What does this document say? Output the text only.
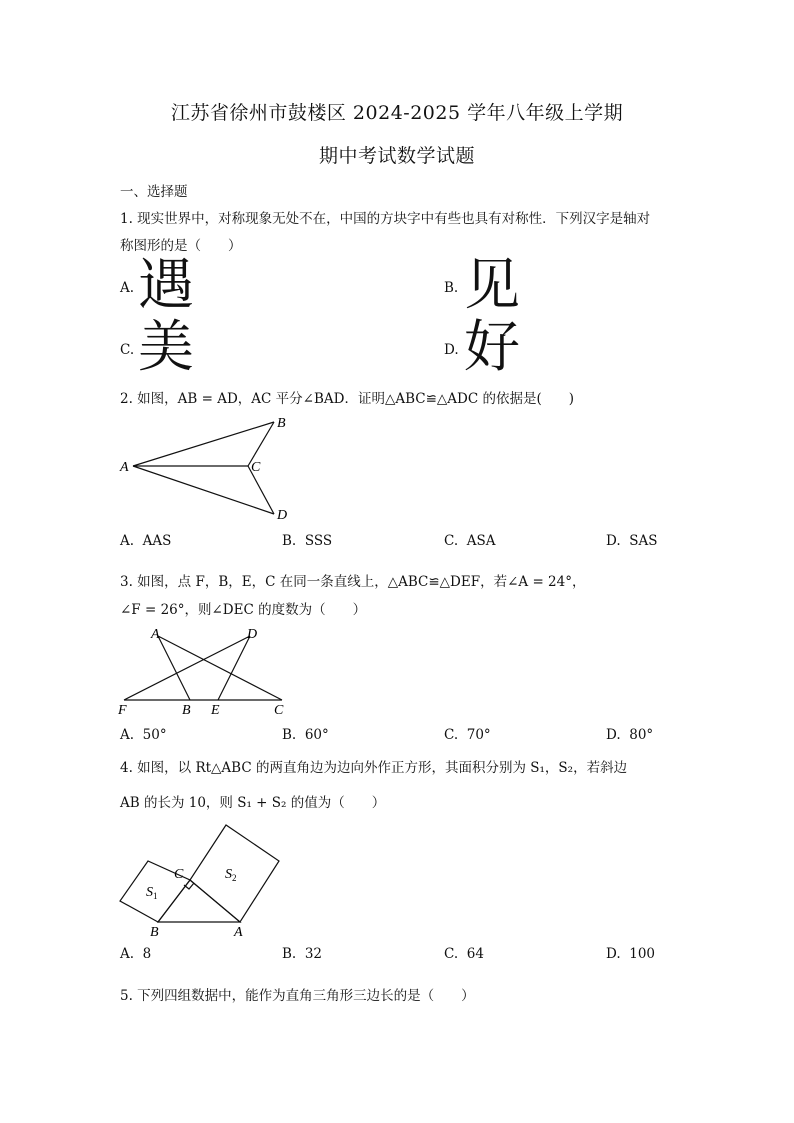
江苏省徐州市鼓楼区 2024-2025 学年八年级上学期
期中考试数学试题
一、选择题
1. 现实世界中，对称现象无处不在，中国的方块字中有些也具有对称性．下列汉字是轴对
称图形的是（　　）
A. 遇	B. 见
C. 美	D. 好
2. 如图，AB = AD，AC 平分∠BAD．证明△ABC≌△ADC 的依据是(　　)
A
B
C
D
A. AAS	B. SSS	C. ASA	D. SAS
3. 如图，点 F，B，E，C 在同一条直线上，△ABC≌△DEF，若∠A = 24°，
∠F = 26°，则∠DEC 的度数为（　　）
A	D
F	B E	C
A. 50°	B. 60°	C. 70°	D. 80°
4. 如图，以 Rt△ABC 的两直角边为边向外作正方形，其面积分别为 S₁，S₂，若斜边
AB 的长为 10，则 S₁ + S₂ 的值为（　　）
C
B	A
$S_1$
$S_2$
A. 8	B. 32	C. 64	D. 100
5. 下列四组数据中，能作为直角三角形三边长的是（　　）
